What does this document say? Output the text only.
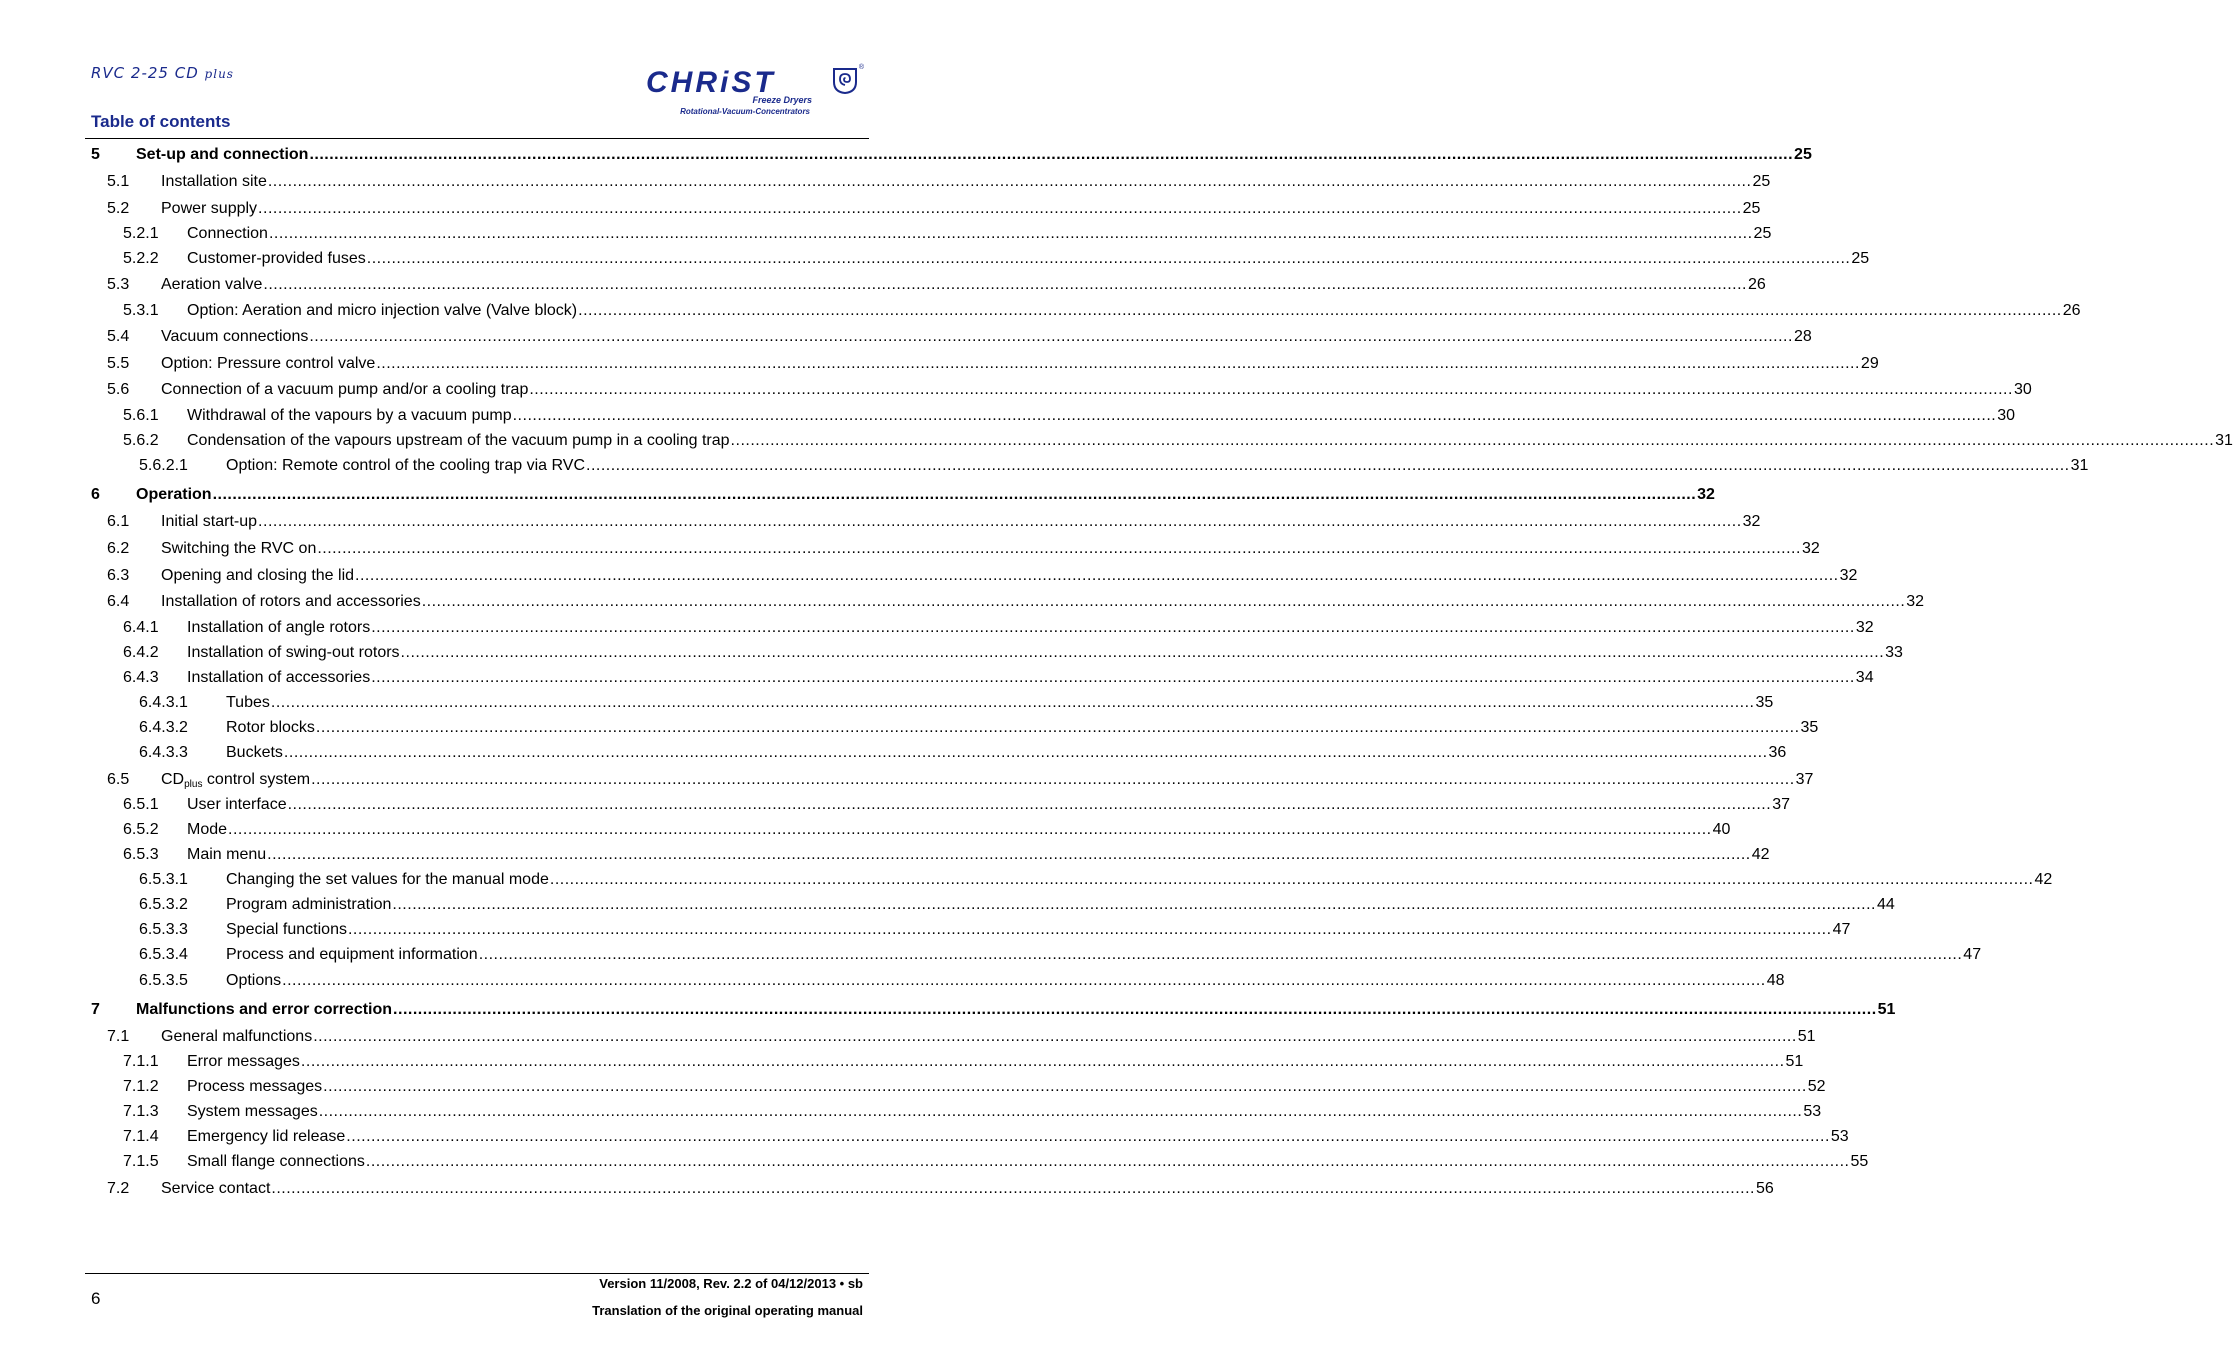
RVC 2-25 CD plus
Table of contents
CHRiST	®
Freeze Dryers
Rotational-Vacuum-Concentrators
5 Set-up and connection ............................................................................................................................................................................................................................................................................................................ 25
5.1 Installation site ............................................................................................................................................................................................................................................................................................................ 25
5.2 Power supply ............................................................................................................................................................................................................................................................................................................ 25
5.2.1 Connection ............................................................................................................................................................................................................................................................................................................ 25
5.2.2 Customer-provided fuses ............................................................................................................................................................................................................................................................................................................ 25
5.3 Aeration valve ............................................................................................................................................................................................................................................................................................................ 26
5.3.1 Option: Aeration and micro injection valve (Valve block) ............................................................................................................................................................................................................................................................................................................ 26
5.4 Vacuum connections ............................................................................................................................................................................................................................................................................................................ 28
5.5 Option: Pressure control valve ............................................................................................................................................................................................................................................................................................................ 29
5.6 Connection of a vacuum pump and/or a cooling trap ............................................................................................................................................................................................................................................................................................................ 30
5.6.1 Withdrawal of the vapours by a vacuum pump ............................................................................................................................................................................................................................................................................................................ 30
5.6.2 Condensation of the vapours upstream of the vacuum pump in a cooling trap ............................................................................................................................................................................................................................................................................................................ 31
5.6.2.1 Option: Remote control of the cooling trap via RVC ............................................................................................................................................................................................................................................................................................................ 31
6 Operation ............................................................................................................................................................................................................................................................................................................ 32
6.1 Initial start-up ............................................................................................................................................................................................................................................................................................................ 32
6.2 Switching the RVC on ............................................................................................................................................................................................................................................................................................................ 32
6.3 Opening and closing the lid ............................................................................................................................................................................................................................................................................................................ 32
6.4 Installation of rotors and accessories ............................................................................................................................................................................................................................................................................................................ 32
6.4.1 Installation of angle rotors ............................................................................................................................................................................................................................................................................................................ 32
6.4.2 Installation of swing-out rotors ............................................................................................................................................................................................................................................................................................................ 33
6.4.3 Installation of accessories ............................................................................................................................................................................................................................................................................................................ 34
6.4.3.1 Tubes ............................................................................................................................................................................................................................................................................................................ 35
6.4.3.2 Rotor blocks ............................................................................................................................................................................................................................................................................................................ 35
6.4.3.3 Buckets ............................................................................................................................................................................................................................................................................................................ 36
6.5 $CD_{plus}$ control system ............................................................................................................................................................................................................................................................................................................ 37
6.5.1 User interface ............................................................................................................................................................................................................................................................................................................ 37
6.5.2 Mode ............................................................................................................................................................................................................................................................................................................ 40
6.5.3 Main menu ............................................................................................................................................................................................................................................................................................................ 42
6.5.3.1 Changing the set values for the manual mode ............................................................................................................................................................................................................................................................................................................ 42
6.5.3.2 Program administration ............................................................................................................................................................................................................................................................................................................ 44
6.5.3.3 Special functions ............................................................................................................................................................................................................................................................................................................ 47
6.5.3.4 Process and equipment information ............................................................................................................................................................................................................................................................................................................ 47
6.5.3.5 Options ............................................................................................................................................................................................................................................................................................................ 48
7 Malfunctions and error correction ............................................................................................................................................................................................................................................................................................................ 51
7.1 General malfunctions ............................................................................................................................................................................................................................................................................................................ 51
7.1.1 Error messages ............................................................................................................................................................................................................................................................................................................ 51
7.1.2 Process messages ............................................................................................................................................................................................................................................................................................................ 52
7.1.3 System messages ............................................................................................................................................................................................................................................................................................................ 53
7.1.4 Emergency lid release ............................................................................................................................................................................................................................................................................................................ 53
7.1.5 Small flange connections ............................................................................................................................................................................................................................................................................................................ 55
7.2 Service contact ............................................................................................................................................................................................................................................................................................................ 56
6
Version 11/2008, Rev. 2.2 of 04/12/2013 • sb
Translation of the original operating manual
